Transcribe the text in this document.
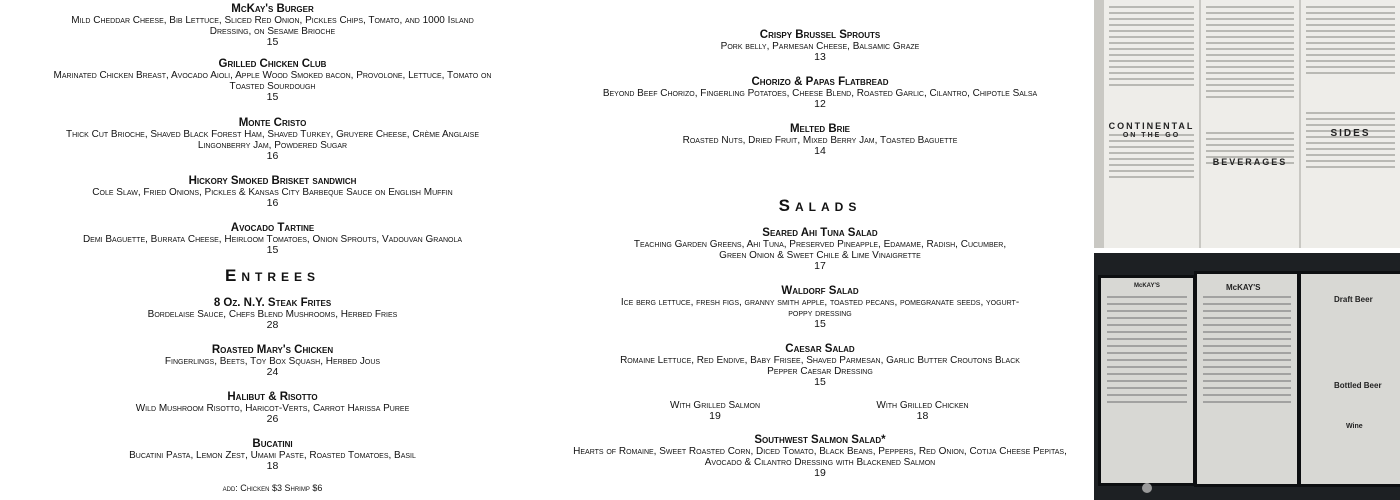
McKay's Burger
Mild Cheddar Cheese, Bib Lettuce, Sliced Red Onion, Pickles Chips, Tomato, and 1000 Island Dressing, on Sesame Brioche
15
Grilled Chicken Club
Marinated Chicken Breast, Avocado Aioli, Apple Wood Smoked bacon, Provolone, Lettuce, Tomato on Toasted Sourdough
15
Monte Cristo
Thick Cut Brioche, Shaved Black Forest Ham, Shaved Turkey, Gruyere Cheese, Crème Anglaise Lingonberry Jam, Powdered Sugar
16
Hickory Smoked Brisket sandwich
Cole Slaw, Fried Onions, Pickles & Kansas City Barbeque Sauce on English Muffin
16
Avocado Tartine
Demi Baguette, Burrata Cheese, Heirloom Tomatoes, Onion Sprouts, Vadouvan Granola
15
Entrees
8 Oz. N.Y. Steak Frites
Bordelaise Sauce, Chefs Blend Mushrooms, Herbed Fries
28
Roasted Mary's Chicken
Fingerlings, Beets, Toy Box Squash, Herbed Jous
24
Halibut & Risotto
Wild Mushroom Risotto, Haricot-Verts, Carrot Harissa Puree
26
Bucatini
Bucatini Pasta, Lemon Zest, Umami Paste, Roasted Tomatoes, Basil
18
add: Chicken $3 Shrimp $6
Crispy Brussel Sprouts
Pork belly, Parmesan Cheese, Balsamic Graze
13
Chorizo & Papas Flatbread
Beyond Beef Chorizo, Fingerling Potatoes, Cheese Blend, Roasted Garlic, Cilantro, Chipotle Salsa
12
Melted Brie
Roasted Nuts, Dried Fruit, Mixed Berry Jam, Toasted Baguette
14
Salads
Seared Ahi Tuna Salad
Teaching Garden Greens, Ahi Tuna, Preserved Pineapple, Edamame, Radish, Cucumber, Green Onion & Sweet Chile & Lime Vinaigrette
17
Waldorf Salad
Ice berg lettuce, fresh figs, granny smith apple, toasted pecans, pomegranate seeds, yogurt-poppy dressing
15
Caesar Salad
Romaine Lettuce, Red Endive, Baby Frisee, Shaved Parmesan, Garlic Butter Croutons Black Pepper Caesar Dressing
15
With Grilled Salmon
19
With Grilled Chicken
18
Southwest Salmon Salad*
Hearts of Romaine, Sweet Roasted Corn, Diced Tomato, Black Beans, Peppers, Red Onion, Cotija Cheese Pepitas, Avocado & Cilantro Dressing with Blackened Salmon
19
CONTINENTAL
ON THE GO
BEVERAGES
SIDES
McKAY'S
Draft Beer
Bottled Beer
Wine
McKAY'S
